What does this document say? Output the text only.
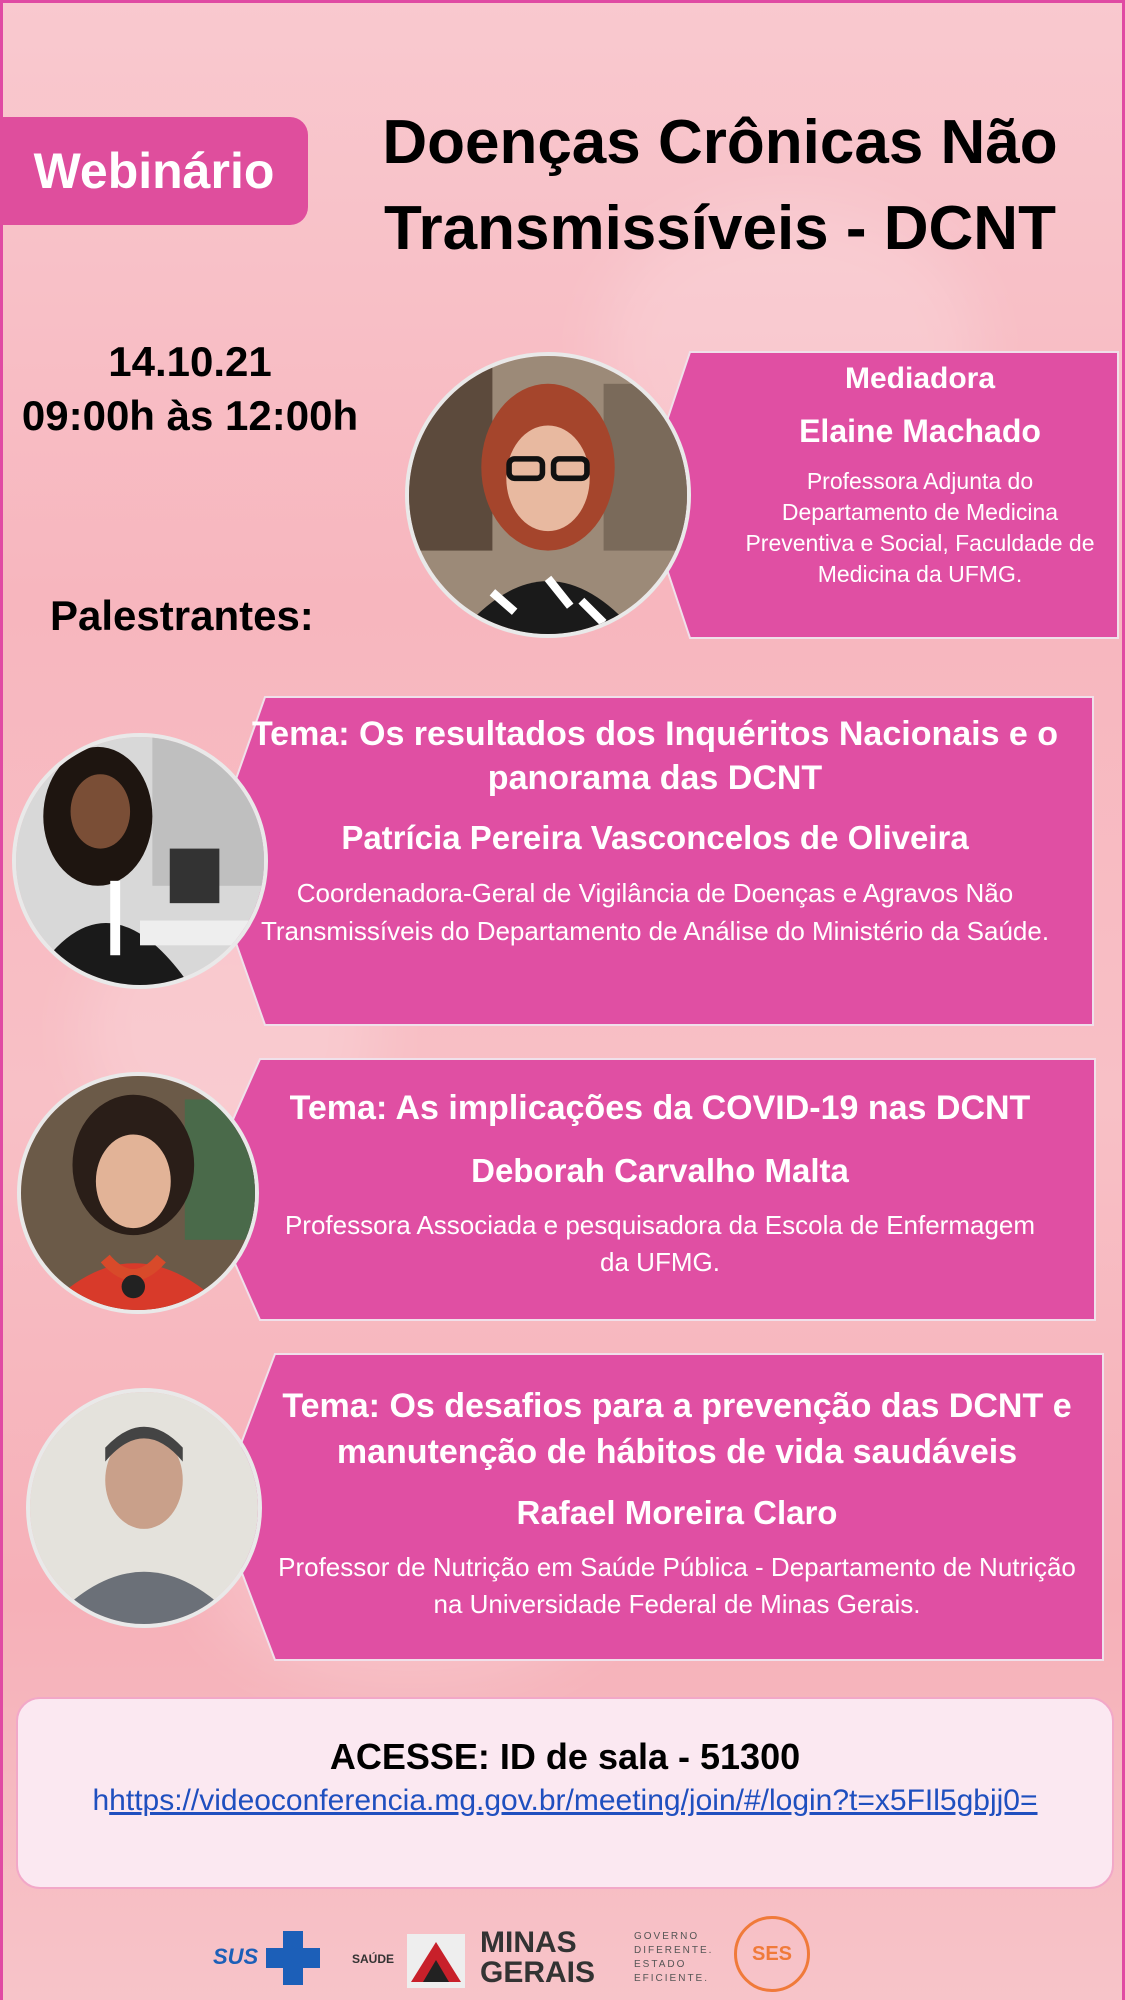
Webinário	Doenças Crônicas Não
Transmissíveis - DCNT
14.10.21
09:00h às 12:00h
Mediadora
Elaine Machado
Professora Adjunta do Departamento de Medicina Preventiva e Social, Faculdade de Medicina da UFMG.
Palestrantes:
Tema: Os resultados dos Inquéritos Nacionais e o panorama das DCNT
Patrícia Pereira Vasconcelos de Oliveira
Coordenadora-Geral de Vigilância de Doenças e Agravos Não Transmissíveis do Departamento de Análise do Ministério da Saúde.
Tema: As implicações da COVID-19 nas DCNT
Deborah Carvalho Malta
Professora Associada e pesquisadora da Escola de Enfermagem da UFMG.
Tema: Os desafios para a prevenção das DCNT e manutenção de hábitos de vida saudáveis
Rafael Moreira Claro
Professor de Nutrição em Saúde Pública - Departamento de Nutrição na Universidade Federal de Minas Gerais.
ACESSE: ID de sala - 51300
hhttps://videoconferencia.mg.gov.br/meeting/join/#/login?t=x5FIl5gbjj0=
SUS	SAÚDE	MINAS
GERAIS
GOVERNO
DIFERENTE.
ESTADO
EFICIENTE.
SES
